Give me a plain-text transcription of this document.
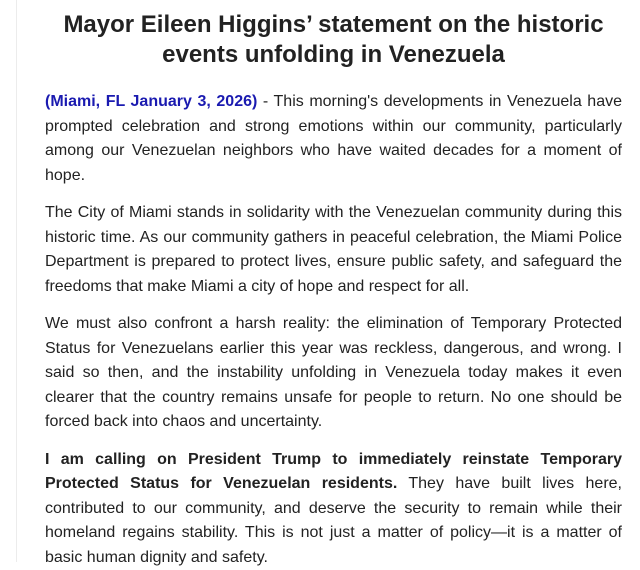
Mayor Eileen Higgins’ statement on the historic events unfolding in Venezuela

(Miami, FL January 3, 2026) - This morning's developments in Venezuela have prompted celebration and strong emotions within our community, particularly among our Venezuelan neighbors who have waited decades for a moment of hope.

The City of Miami stands in solidarity with the Venezuelan community during this historic time. As our community gathers in peaceful celebration, the Miami Police Department is prepared to protect lives, ensure public safety, and safeguard the freedoms that make Miami a city of hope and respect for all.

We must also confront a harsh reality: the elimination of Temporary Protected Status for Venezuelans earlier this year was reckless, dangerous, and wrong. I said so then, and the instability unfolding in Venezuela today makes it even clearer that the country remains unsafe for people to return. No one should be forced back into chaos and uncertainty.

I am calling on President Trump to immediately reinstate Temporary Protected Status for Venezuelan residents. They have built lives here, contributed to our community, and deserve the security to remain while their homeland regains stability. This is not just a matter of policy—it is a matter of basic human dignity and safety.
